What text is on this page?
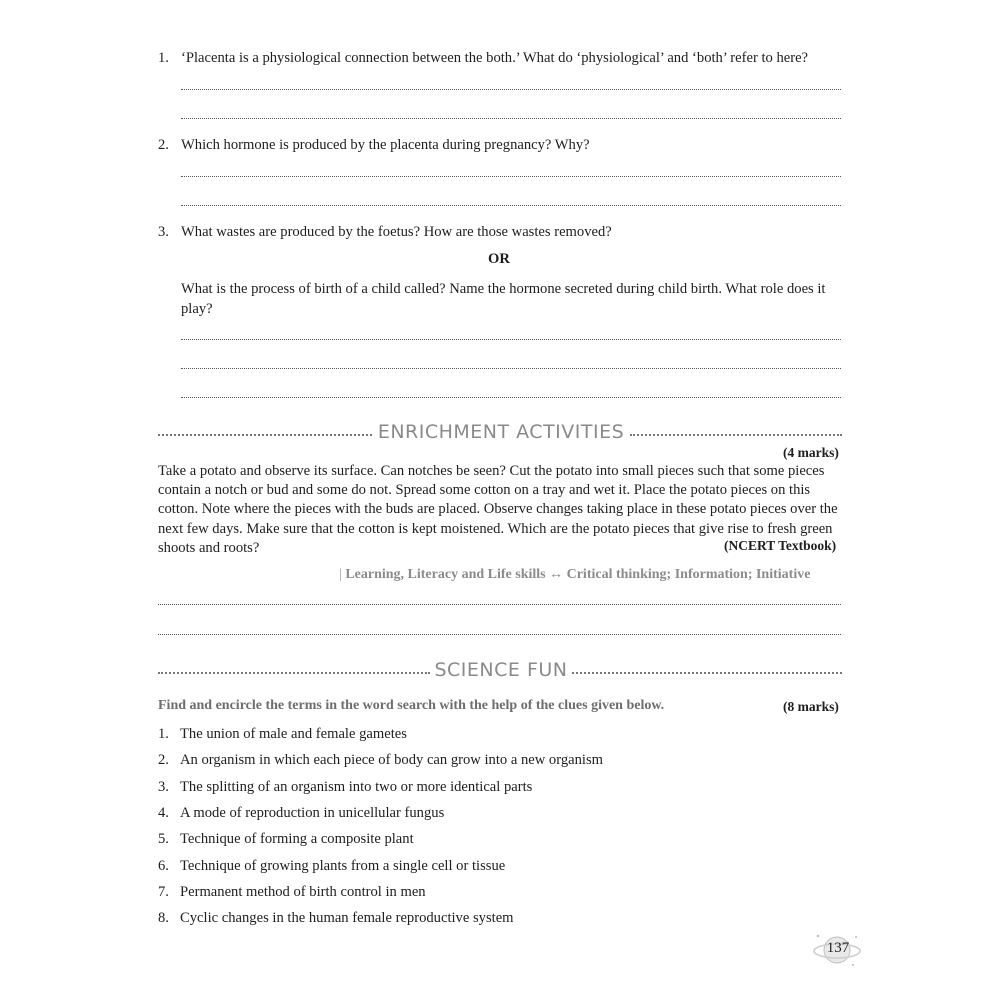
1. ‘Placenta is a physiological connection between the both.’ What do ‘physiological’ and ‘both’ refer to here?
2. Which hormone is produced by the placenta during pregnancy? Why?
3. What wastes are produced by the foetus? How are those wastes removed?
OR
What is the process of birth of a child called? Name the hormone secreted during child birth. What role does it play?
ENRICHMENT ACTIVITIES
(4 marks)
Take a potato and observe its surface. Can notches be seen? Cut the potato into small pieces such that some pieces contain a notch or bud and some do not. Spread some cotton on a tray and wet it. Place the potato pieces on this cotton. Note where the pieces with the buds are placed. Observe changes taking place in these potato pieces over the next few days. Make sure that the cotton is kept moistened. Which are the potato pieces that give rise to fresh green shoots and roots?	(NCERT Textbook)
| Learning, Literacy and Life skills ↔ Critical thinking; Information; Initiative
SCIENCE FUN
Find and encircle the terms in the word search with the help of the clues given below.	(8 marks)
1. The union of male and female gametes
2. An organism in which each piece of body can grow into a new organism
3. The splitting of an organism into two or more identical parts
4. A mode of reproduction in unicellular fungus
5. Technique of forming a composite plant
6. Technique of growing plants from a single cell or tissue
7. Permanent method of birth control in men
8. Cyclic changes in the human female reproductive system
137
